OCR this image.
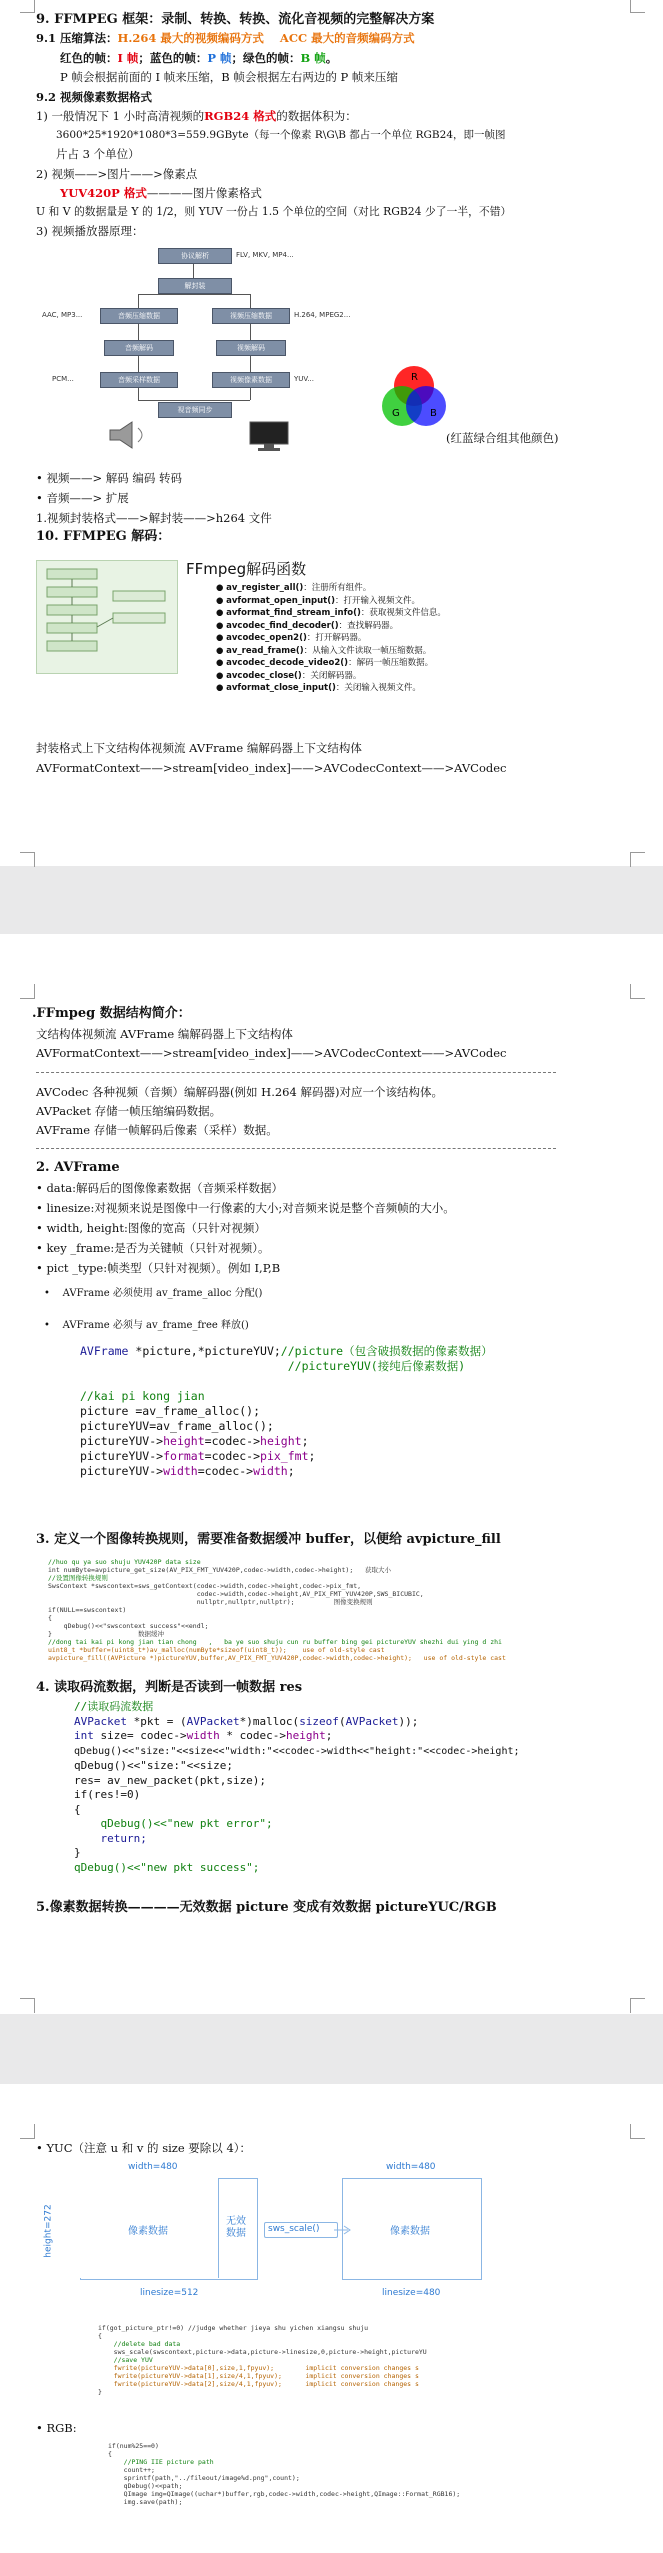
9. FFMPEG 框架：录制、转换、转换、流化音视频的完整解决方案
9.1 压缩算法：H.264 最大的视频编码方式 ACC 最大的音频编码方式
红色的帧：I 帧；蓝色的帧：P 帧；绿色的帧：B 帧。
P 帧会根据前面的 I 帧来压缩，B 帧会根据左右两边的 P 帧来压缩
9.2 视频像素数据格式
1) 一般情况下 1 小时高清视频的RGB24 格式的数据体积为：
3600*25*1920*1080*3=559.9GByte（每一个像素 R\G\B 都占一个单位 RGB24，即一帧图
片占 3 个单位）
2) 视频——>图片——>像素点
YUV420P 格式————图片像素格式
U 和 V 的数据量是 Y 的 1/2，则 YUV 一份占 1.5 个单位的空间（对比 RGB24 少了一半，不错）
3) 视频播放器原理：
协议解析	FLV, MKV, MP4...
解封装
音频压缩数据	视频压缩数据
AAC, MP3...	H.264, MPEG2...
音频解码	视频解码
音频采样数据	视频像素数据
PCM...	YUV...
视音频同步
R
G	B
(红蓝绿合组其他颜色)
• 视频——> 解码 编码 转码
• 音频——> 扩展
1.视频封装格式——>解封装——>h264 文件
10. FFMPEG 解码：
FFmpeg解码函数
● av_register_all()：注册所有组件。
● avformat_open_input()：打开输入视频文件。
● avformat_find_stream_info()：获取视频文件信息。
● avcodec_find_decoder()：查找解码器。
● avcodec_open2()：打开解码器。
● av_read_frame()：从输入文件读取一帧压缩数据。
● avcodec_decode_video2()：解码一帧压缩数据。
● avcodec_close()：关闭解码器。
● avformat_close_input()：关闭输入视频文件。
封装格式上下文结构体视频流 AVFrame 编解码器上下文结构体
AVFormatContext——>stream[video_index]——>AVCodecContext——>AVCodec
.FFmpeg 数据结构简介：
文结构体视频流 AVFrame 编解码器上下文结构体
AVFormatContext——>stream[video_index]——>AVCodecContext——>AVCodec
AVCodec 各种视频（音频）编解码器(例如 H.264 解码器)对应一个该结构体。
AVPacket 存储一帧压缩编码数据。
AVFrame 存储一帧解码后像素（采样）数据。
2. AVFrame
• data:解码后的图像像素数据（音频采样数据）
• linesize:对视频来说是图像中一行像素的大小;对音频来说是整个音频帧的大小。
• width, height:图像的宽高（只针对视频）
• key _frame:是否为关键帧（只针对视频）。
• pict _type:帧类型（只针对视频）。例如 I,P,B
•    AVFrame 必须使用 av_frame_alloc 分配()
•    AVFrame 必须与 av_frame_free 释放()
AVFrame *picture,*pictureYUV;//picture（包含破损数据的像素数据）
//pictureYUV(接纯后像素数据)

//kai pi kong jian
picture =av_frame_alloc();
pictureYUV=av_frame_alloc();
pictureYUV->height=codec->height;
pictureYUV->format=codec->pix_fmt;
pictureYUV->width=codec->width;
3. 定义一个图像转换规则，需要准备数据缓冲 buffer，以便给 avpicture_fill
//huo qu ya suo shuju YUV420P data size
int numByte=avpicture_get_size(AV_PIX_FMT_YUV420P,codec->width,codec->height);   获取大小
//设置图像转换规则
SwsContext *swscontext=sws_getContext(codec->width,codec->height,codec->pix_fmt,
codec->width,codec->height,AV_PIX_FMT_YUV420P,SWS_BICUBIC,
nullptr,nullptr,nullptr);          图像变换规则
if(NULL==swscontext)
{
qDebug()<<"swscontext success"<<endl;
}                      数据缓冲
//dong tai kai pi kong jian tian chong   ,   ba ye suo shuju cun ru buffer bing gei pictureYUV shezhi dui ying d zhi
uint8_t *buffer=(uint8_t*)av_malloc(numByte*sizeof(uint8_t));    use of old-style cast
avpicture_fill((AVPicture *)pictureYUV,buffer,AV_PIX_FMT_YUV420P,codec->width,codec->height);   use of old-style cast
4. 读取码流数据，判断是否读到一帧数据 res
//读取码流数据
AVPacket *pkt = (AVPacket*)malloc(sizeof(AVPacket));
int size= codec->width * codec->height;
qDebug()<<"size:"<<size<<"width:"<<codec->width<<"height:"<<codec->height;
qDebug()<<"size:"<<size;
res= av_new_packet(pkt,size);
if(res!=0)
{
qDebug()<<"new pkt error";
return;
}
qDebug()<<"new pkt success";
5.像素数据转换————无效数据 picture 变成有效数据 pictureYUC/RGB
• YUC（注意 u 和 v 的 size 要除以 4）：
width=480	width=480
height=272	像素数据
无效
数据 sws_scale()	像素数据
linesize=512	linesize=480
if(got_picture_ptr!=0) //judge whether jieya shu yichen xiangsu shuju
{
//delete bad data
sws_scale(swscontext,picture->data,picture->linesize,0,picture->height,pictureYU
//save YUV
fwrite(pictureYUV->data[0],size,1,fpyuv);        implicit conversion changes s
fwrite(pictureYUV->data[1],size/4,1,fpyuv);      implicit conversion changes s
fwrite(pictureYUV->data[2],size/4,1,fpyuv);      implicit conversion changes s
}
• RGB:
if(num%25==0)
{
//PING IIE picture path
count++;
sprintf(path,"../fileout/image%d.png",count);
qDebug()<<path;
QImage img=QImage((uchar*)buffer,rgb,codec->width,codec->height,QImage::Format_RGB16);
img.save(path);
